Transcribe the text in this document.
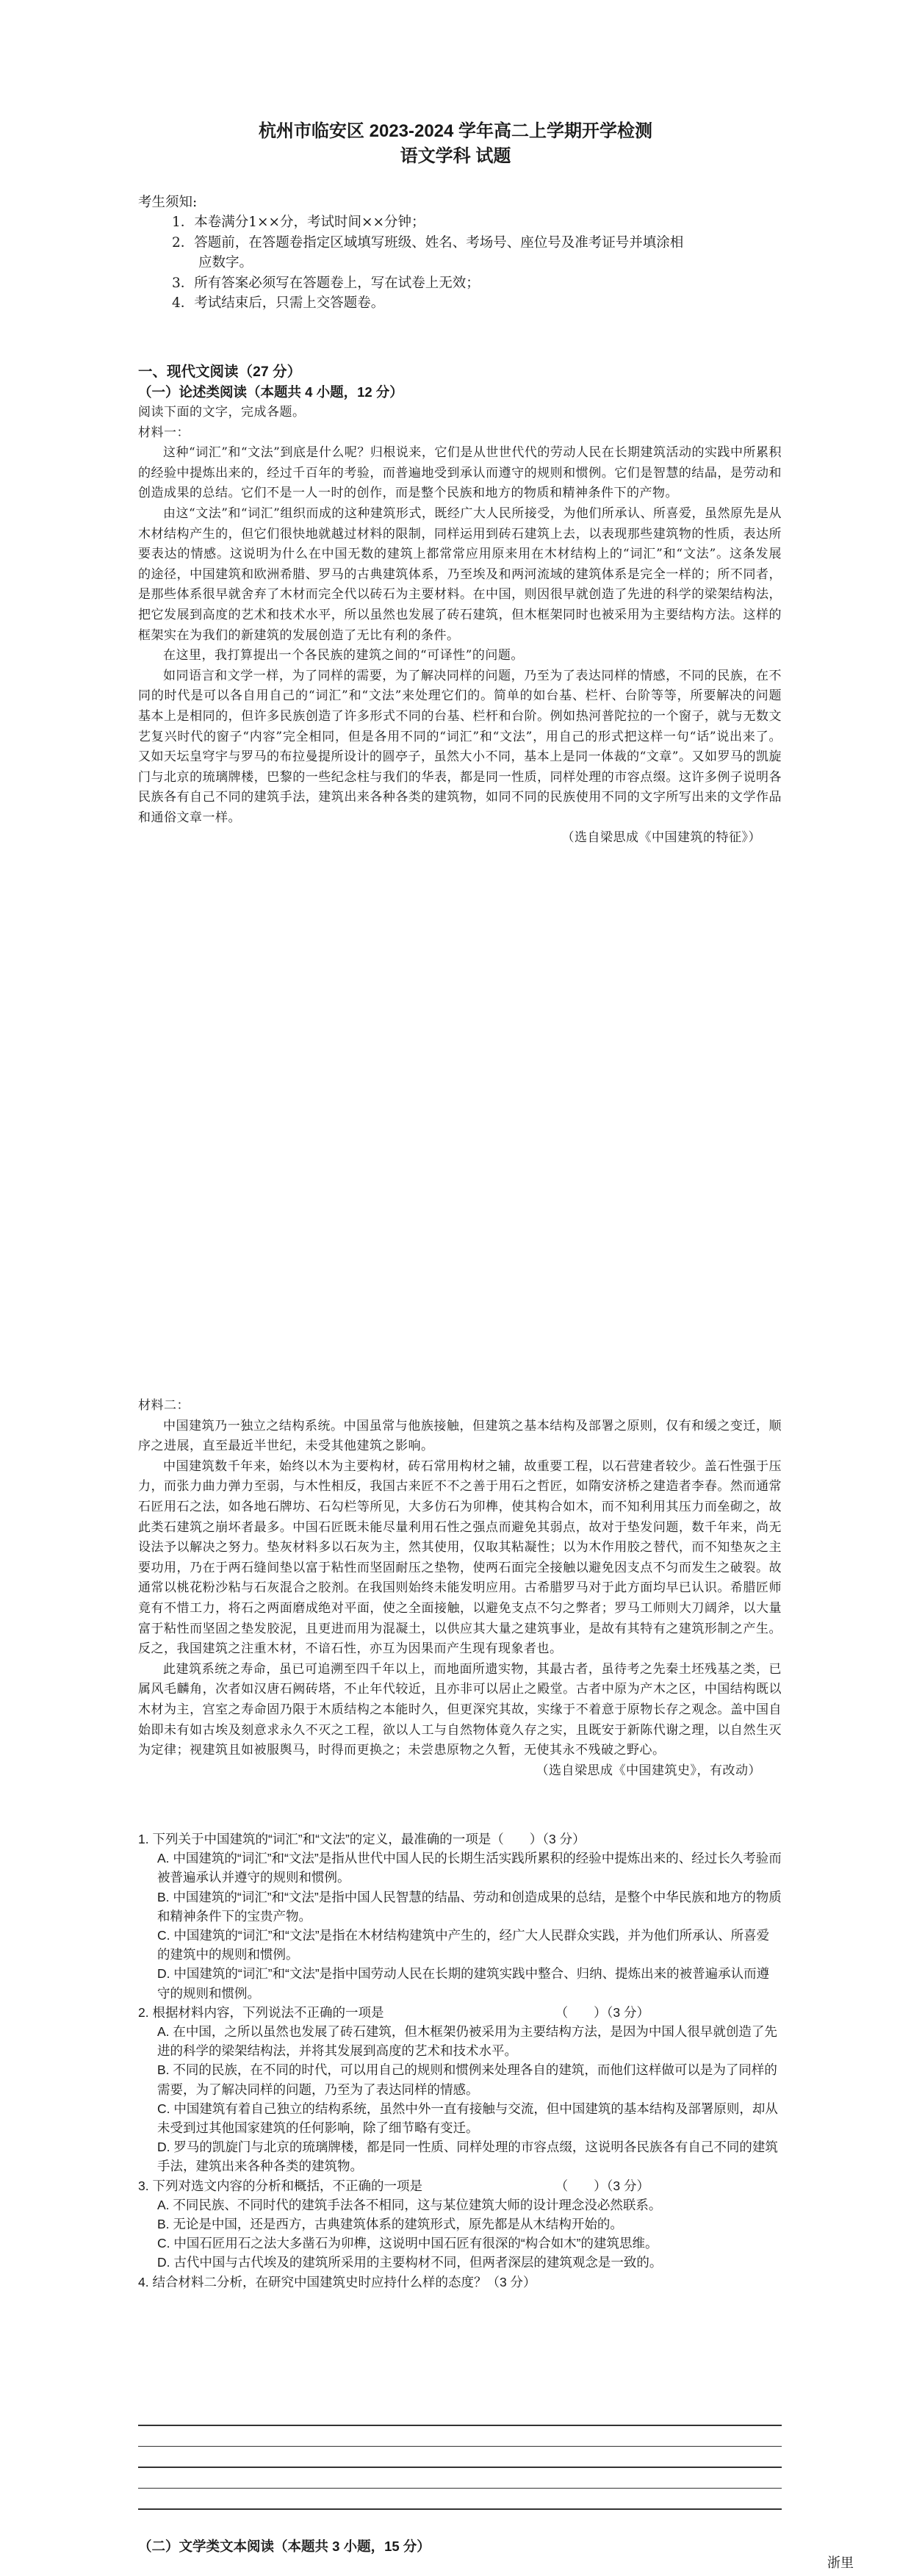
杭州市临安区 2023-2024 学年高二上学期开学检测
语文学科 试题

考生须知:

1．本卷满分1××分，考试时间××分钟；

2．答题前，在答题卷指定区域填写班级、姓名、考场号、座位号及准考证号并填涂相

应数字。

3．所有答案必须写在答题卷上，写在试卷上无效；

4．考试结束后，只需上交答题卷。

一、现代文阅读（27 分）
（一）论述类阅读（本题共 4 小题，12 分）

阅读下面的文字，完成各题。

材料一：

这种“词汇”和“文法”到底是什么呢？归根说来，它们是从世世代代的劳动人民在长期建筑活动的实践中所累积的经验中提炼出来的，经过千百年的考验，而普遍地受到承认而遵守的规则和惯例。它们是智慧的结晶，是劳动和创造成果的总结。它们不是一人一时的创作，而是整个民族和地方的物质和精神条件下的产物。

由这“文法”和“词汇”组织而成的这种建筑形式，既经广大人民所接受，为他们所承认、所喜爱，虽然原先是从木材结构产生的，但它们很快地就越过材料的限制，同样运用到砖石建筑上去，以表现那些建筑物的性质，表达所要表达的情感。这说明为什么在中国无数的建筑上都常常应用原来用在木材结构上的“词汇”和“文法”。这条发展的途径，中国建筑和欧洲希腊、罗马的古典建筑体系，乃至埃及和两河流域的建筑体系是完全一样的；所不同者，是那些体系很早就舍弃了木材而完全代以砖石为主要材料。在中国，则因很早就创造了先进的科学的梁架结构法，把它发展到高度的艺术和技术水平，所以虽然也发展了砖石建筑，但木框架同时也被采用为主要结构方法。这样的框架实在为我们的新建筑的发展创造了无比有利的条件。

在这里，我打算提出一个各民族的建筑之间的“可译性”的问题。

如同语言和文学一样，为了同样的需要，为了解决同样的问题，乃至为了表达同样的情感，不同的民族，在不同的时代是可以各自用自己的“词汇”和“文法”来处理它们的。简单的如台基、栏杆、台阶等等，所要解决的问题基本上是相同的，但许多民族创造了许多形式不同的台基、栏杆和台阶。例如热河普陀拉的一个窗子，就与无数文艺复兴时代的窗子“内容”完全相同，但是各用不同的“词汇”和“文法”，用自己的形式把这样一句“话”说出来了。又如天坛皇穹宇与罗马的布拉曼提所设计的圆亭子，虽然大小不同，基本上是同一体裁的“文章”。又如罗马的凯旋门与北京的琉璃牌楼，巴黎的一些纪念柱与我们的华表，都是同一性质，同样处理的市容点缀。这许多例子说明各民族各有自己不同的建筑手法，建筑出来各种各类的建筑物，如同不同的民族使用不同的文字所写出来的文学作品和通俗文章一样。

（选自梁思成《中国建筑的特征》）

材料二：

中国建筑乃一独立之结构系统。中国虽常与他族接触，但建筑之基本结构及部署之原则，仅有和缓之变迁，顺序之进展，直至最近半世纪，未受其他建筑之影响。

中国建筑数千年来，始终以木为主要构材，砖石常用构材之辅，故重要工程，以石营建者较少。盖石性强于压力，而张力曲力弹力至弱，与木性相反，我国古来匠不不之善于用石之哲匠，如隋安济桥之建造者李春。然而通常石匠用石之法，如各地石牌坊、石勾栏等所见，大多仿石为卯榫，使其构合如木，而不知利用其压力而垒砌之，故此类石建筑之崩坏者最多。中国石匠既未能尽量利用石性之强点而避免其弱点，故对于垫发问题，数千年来，尚无设法予以解决之努力。垫灰材料多以石灰为主，然其使用，仅取其粘凝性；以为木作用胶之替代，而不知垫灰之主要功用，乃在于两石缝间垫以富于粘性而坚固耐压之垫物，使两石面完全接触以避免因支点不匀而发生之破裂。故通常以桃花粉沙粘与石灰混合之胶剂。在我国则始终未能发明应用。古希腊罗马对于此方面均早已认识。希腊匠师竟有不惜工力，将石之两面磨成绝对平面，使之全面接触，以避免支点不匀之弊者；罗马工师则大刀阔斧，以大量富于粘性而坚固之垫发胶泥，且更进而用为混凝土，以供应其大量之建筑事业，是故有其特有之建筑形制之产生。反之，我国建筑之注重木材，不谙石性，亦互为因果而产生现有现象者也。

此建筑系统之寿命，虽已可追溯至四千年以上，而地面所遗实物，其最古者，虽待考之先秦土坯残基之类，已属风毛麟角，次者如汉唐石阙砖塔，不止年代较近，且亦非可以居止之殿堂。古者中原为产木之区，中国结构既以木材为主，宫室之寿命固乃限于木质结构之本能时久，但更深究其故，实缘于不着意于原物长存之观念。盖中国自始即未有如古埃及刻意求永久不灭之工程，欲以人工与自然物体竟久存之实，且既安于新陈代谢之理，以自然生灭为定律；视建筑且如被服舆马，时得而更换之；未尝患原物之久暂，无使其永不残破之野心。

（选自梁思成《中国建筑史》，有改动）

1. 下列关于中国建筑的“词汇”和“文法”的定义，最准确的一项是（　　）（3 分）

A. 中国建筑的“词汇”和“文法”是指从世代中国人民的长期生活实践所累积的经验中提炼出来的、经过长久考验而被普遍承认并遵守的规则和惯例。

B. 中国建筑的“词汇”和“文法”是指中国人民智慧的结晶、劳动和创造成果的总结，是整个中华民族和地方的物质和精神条件下的宝贵产物。

C. 中国建筑的“词汇”和“文法”是指在木材结构建筑中产生的，经广大人民群众实践，并为他们所承认、所喜爱的建筑中的规则和惯例。

D. 中国建筑的“词汇”和“文法”是指中国劳动人民在长期的建筑实践中整合、归纳、提炼出来的被普遍承认而遵守的规则和惯例。

2. 根据材料内容，下列说法不正确的一项是	（　　）（3 分）

A. 在中国，之所以虽然也发展了砖石建筑，但木框架仍被采用为主要结构方法，是因为中国人很早就创造了先进的科学的梁架结构法，并将其发展到高度的艺术和技术水平。

B. 不同的民族，在不同的时代，可以用自己的规则和惯例来处理各自的建筑，而他们这样做可以是为了同样的需要，为了解决同样的问题，乃至为了表达同样的情感。

C. 中国建筑有着自己独立的结构系统，虽然中外一直有接触与交流，但中国建筑的基本结构及部署原则，却从未受到过其他国家建筑的任何影响，除了细节略有变迁。

D. 罗马的凯旋门与北京的琉璃牌楼，都是同一性质、同样处理的市容点缀，这说明各民族各有自己不同的建筑手法，建筑出来各种各类的建筑物。

3. 下列对选文内容的分析和概括，不正确的一项是	（　　）（3 分）

A. 不同民族、不同时代的建筑手法各不相同，这与某位建筑大师的设计理念没必然联系。

B. 无论是中国，还是西方，古典建筑体系的建筑形式，原先都是从木结构开始的。

C. 中国石匠用石之法大多凿石为卯榫，这说明中国石匠有很深的“构合如木”的建筑思维。

D. 古代中国与古代埃及的建筑所采用的主要构材不同，但两者深层的建筑观念是一致的。

4. 结合材料二分析，在研究中国建筑史时应持什么样的态度？（3 分）

（二）文学类文本阅读（本题共 3 小题，15 分）
浙里
